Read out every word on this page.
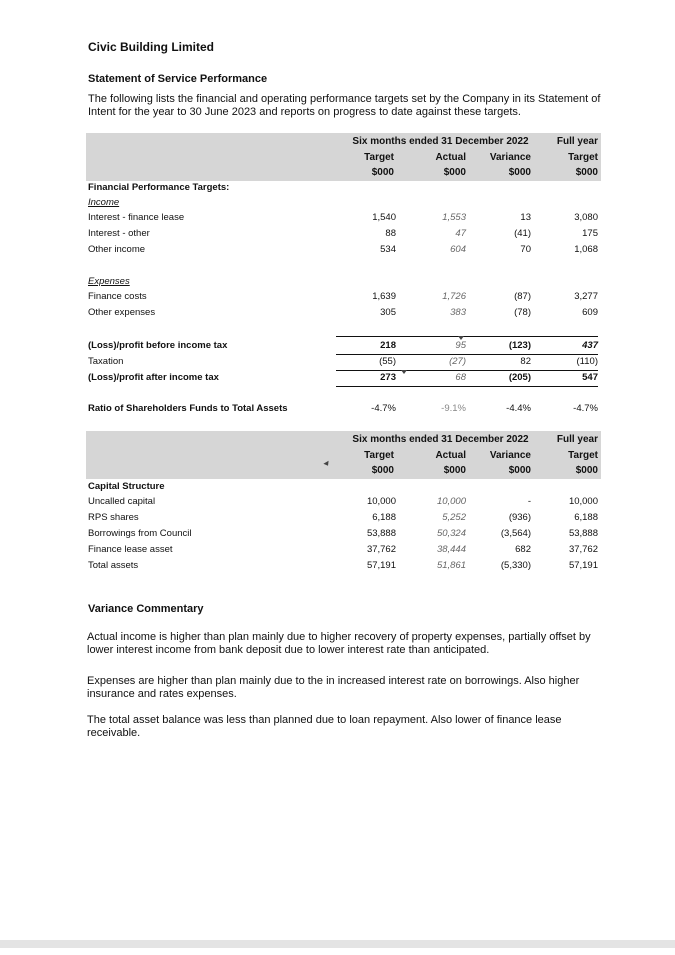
Civic Building Limited
Statement of Service Performance
The following lists the financial and operating performance targets set by the Company in its Statement of Intent for the year to 30 June 2023 and reports on progress to date against these targets.
Six months ended 31 December 2022	Full year
Target	Actual	Variance	Target
$000	$000	$000	$000
Financial Performance Targets:
Income
Interest - finance lease	1,540	1,553	13	3,080
Interest - other	88	47	(41)	175
Other income	534	604	70	1,068
Expenses
Finance costs	1,639	1,726	(87)	3,277
Other expenses	305	383	(78)	609
(Loss)/profit before income tax	218	95	(123)	437
Taxation	(55)	(27)	82	(110)
(Loss)/profit after income tax	273	68	(205)	547
Ratio of Shareholders Funds to Total Assets	-4.7%	-9.1%	-4.4%	-4.7%
Six months ended 31 December 2022	Full year
Target	Actual	Variance	Target
$000	$000	$000	$000
Capital Structure
Uncalled capital	10,000	10,000	-	10,000
RPS shares	6,188	5,252	(936)	6,188
Borrowings from Council	53,888	50,324	(3,564)	53,888
Finance lease asset	37,762	38,444	682	37,762
Total assets	57,191	51,861	(5,330)	57,191
Variance Commentary
Actual income is higher than plan mainly due to higher recovery of property expenses, partially offset by lower interest income from bank deposit due to lower interest rate than anticipated.
Expenses are higher than plan mainly due to the in increased interest rate on borrowings. Also higher insurance and rates expenses.
The total asset balance was less than planned due to loan repayment. Also lower of finance lease receivable.
